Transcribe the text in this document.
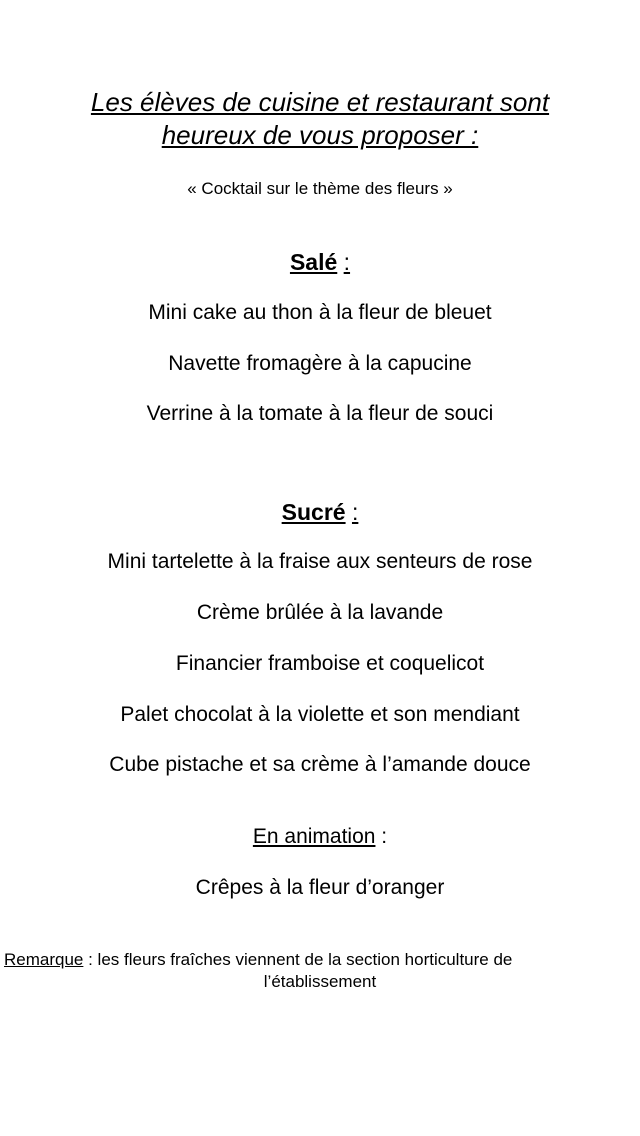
Les élèves de cuisine et restaurant sont
heureux de vous proposer :
« Cocktail sur le thème des fleurs »
Salé :
Mini cake au thon à la fleur de bleuet
Navette fromagère à la capucine
Verrine à la tomate à la fleur de souci
Sucré :
Mini tartelette à la fraise aux senteurs de rose
Crème brûlée à la lavande
Financier framboise et coquelicot
Palet chocolat à la violette et son mendiant
Cube pistache et sa crème à l’amande douce
En animation :
Crêpes à la fleur d’oranger
Remarque : les fleurs fraîches viennent de la section horticulture de
l’établissement
